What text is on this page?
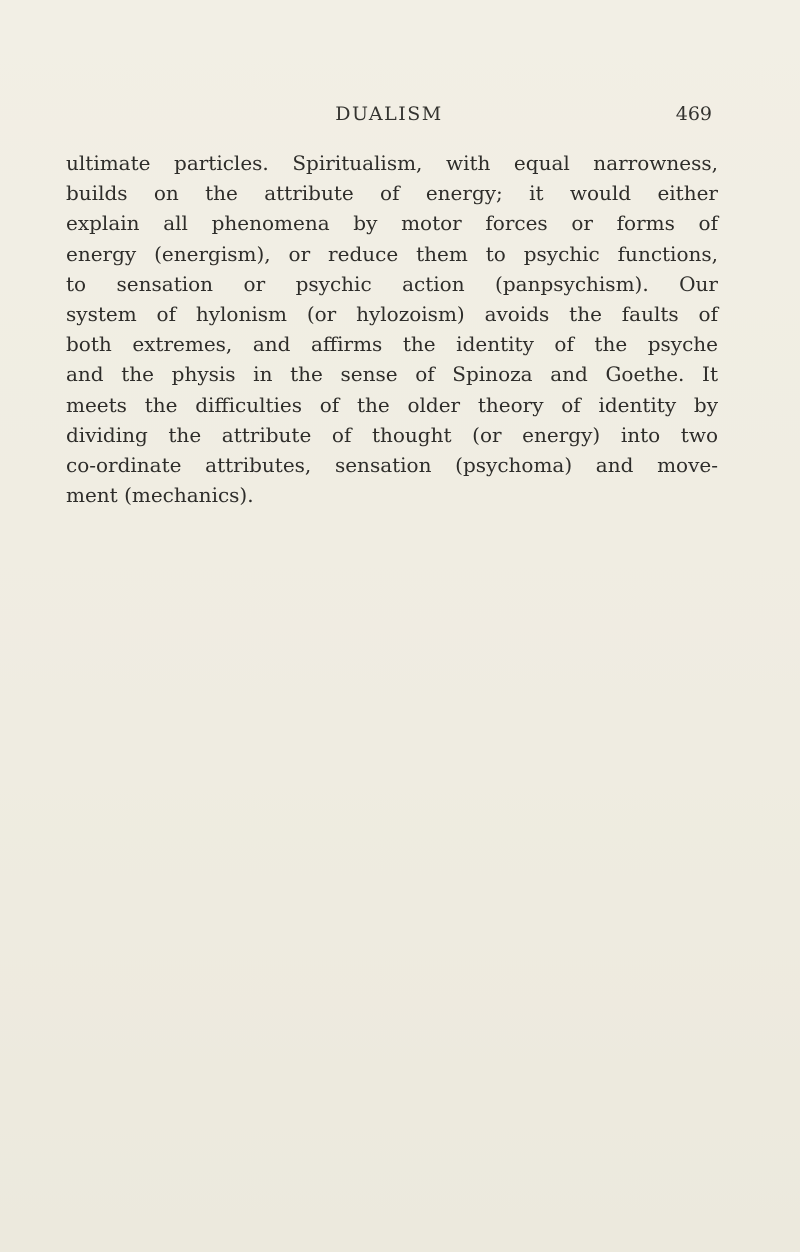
DUALISM	469

ultimate particles. Spiritualism, with equal narrowness,
builds on the attribute of energy; it would either
explain all phenomena by motor forces or forms of
energy (energism), or reduce them to psychic functions,
to sensation or psychic action (panpsychism). Our
system of hylonism (or hylozoism) avoids the faults of
both extremes, and affirms the identity of the psyche
and the physis in the sense of Spinoza and Goethe. It
meets the difficulties of the older theory of identity by
dividing the attribute of thought (or energy) into two
co-ordinate attributes, sensation (psychoma) and move-
ment (mechanics).
